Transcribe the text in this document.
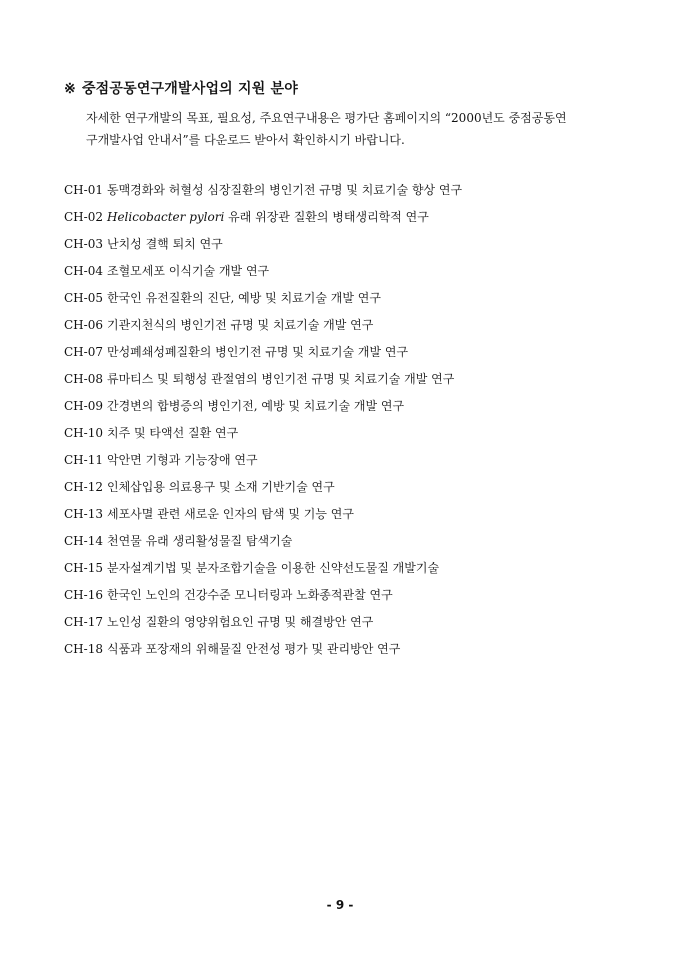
※ 중점공동연구개발사업의 지원 분야
자세한 연구개발의 목표, 필요성, 주요연구내용은 평가단 홈페이지의 “2000년도 중점공동연
구개발사업 안내서”를 다운로드 받아서 확인하시기 바랍니다.
CH-01 동맥경화와 허혈성 심장질환의 병인기전 규명 및 치료기술 향상 연구
CH-02 Helicobacter pylori 유래 위장관 질환의 병태생리학적 연구
CH-03 난치성 결핵 퇴치 연구
CH-04 조혈모세포 이식기술 개발 연구
CH-05 한국인 유전질환의 진단, 예방 및 치료기술 개발 연구
CH-06 기관지천식의 병인기전 규명 및 치료기술 개발 연구
CH-07 만성폐쇄성폐질환의 병인기전 규명 및 치료기술 개발 연구
CH-08 류마티스 및 퇴행성 관절염의 병인기전 규명 및 치료기술 개발 연구
CH-09 간경변의 합병증의 병인기전, 예방 및 치료기술 개발 연구
CH-10 치주 및 타액선 질환 연구
CH-11 악안면 기형과 기능장애 연구
CH-12 인체삽입용 의료용구 및 소재 기반기술 연구
CH-13 세포사멸 관련 새로운 인자의 탐색 및 기능 연구
CH-14 천연물 유래 생리활성물질 탐색기술
CH-15 분자설계기법 및 분자조합기술을 이용한 신약선도물질 개발기술
CH-16 한국인 노인의 건강수준 모니터링과 노화종적관찰 연구
CH-17 노인성 질환의 영양위험요인 규명 및 해결방안 연구
CH-18 식품과 포장재의 위해물질 안전성 평가 및 관리방안 연구
- 9 -
